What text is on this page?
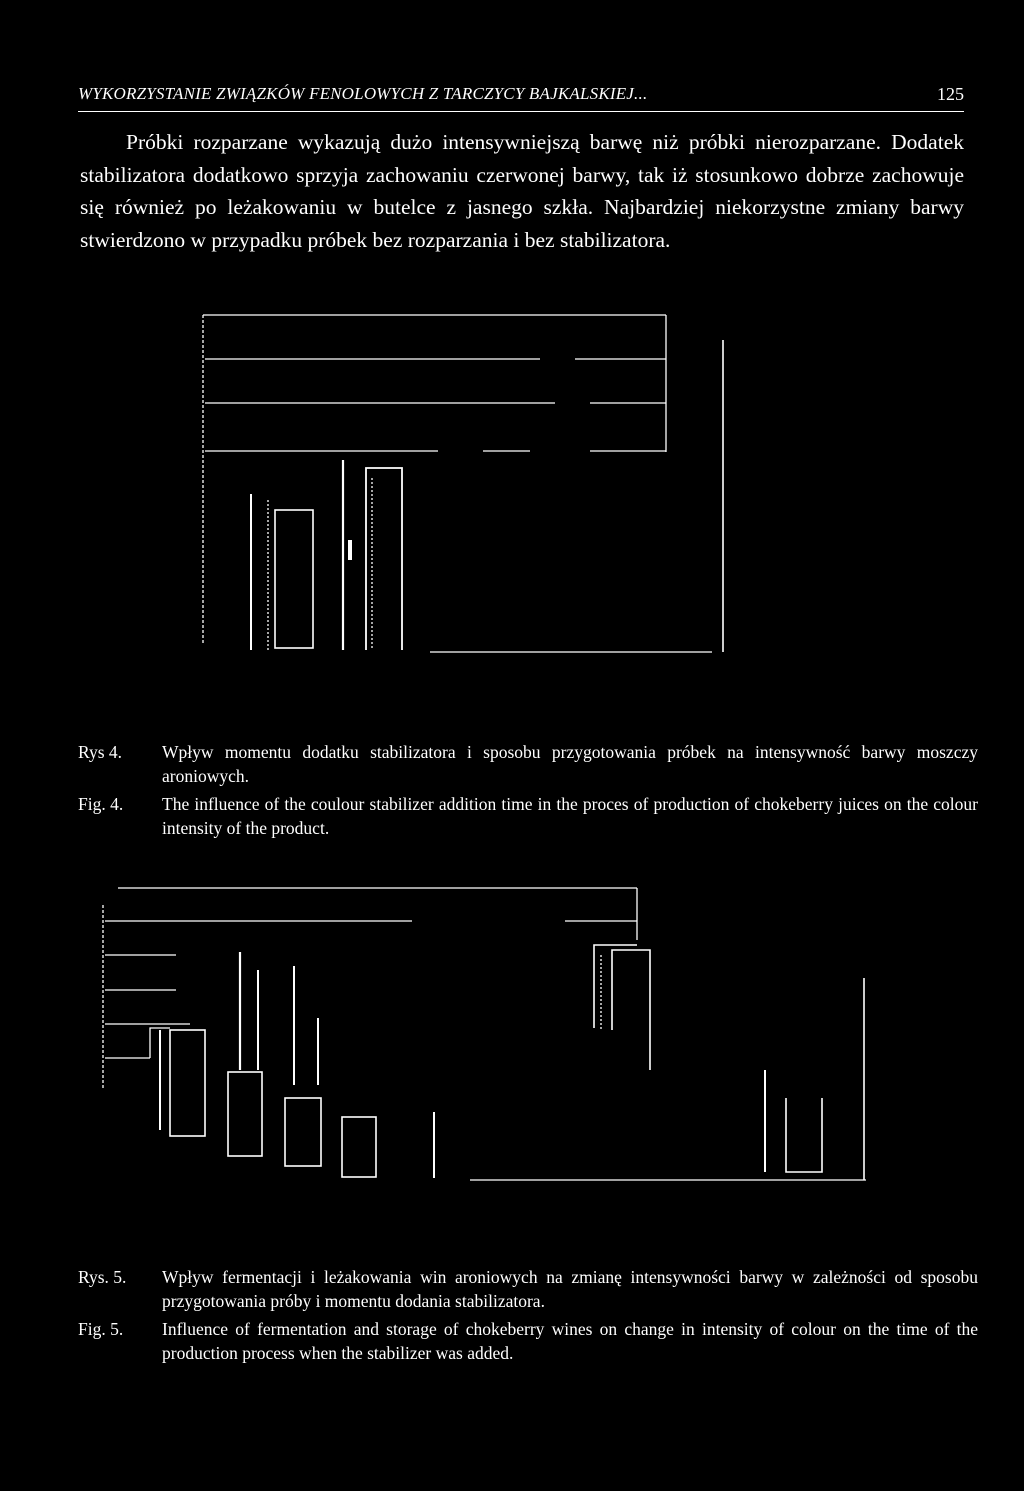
WYKORZYSTANIE ZWIĄZKÓW FENOLOWYCH Z TARCZYCY BAJKALSKIEJ...	125

Próbki rozparzane wykazują dużo intensywniejszą barwę niż próbki nierozparzane. Dodatek stabilizatora dodatkowo sprzyja zachowaniu czerwonej barwy, tak iż stosunkowo dobrze zachowuje się również po leżakowaniu w butelce z jasnego szkła. Najbardziej niekorzystne zmiany barwy stwierdzono w przypadku próbek bez rozparzania i bez stabilizatora.

Rys 4.	Wpływ momentu dodatku stabilizatora i sposobu przygotowania próbek na intensywność barwy moszczy aroniowych.
Fig. 4.	The influence of the coulour stabilizer addition time in the proces of production of chokeberry juices on the colour intensity of the product.
Rys. 5.	Wpływ fermentacji i leżakowania win aroniowych na zmianę intensywności barwy w zależności od sposobu przygotowania próby i momentu dodania stabilizatora.
Fig. 5.	Influence of fermentation and storage of chokeberry wines on change in intensity of colour on the time of the production process when the stabilizer was added.
